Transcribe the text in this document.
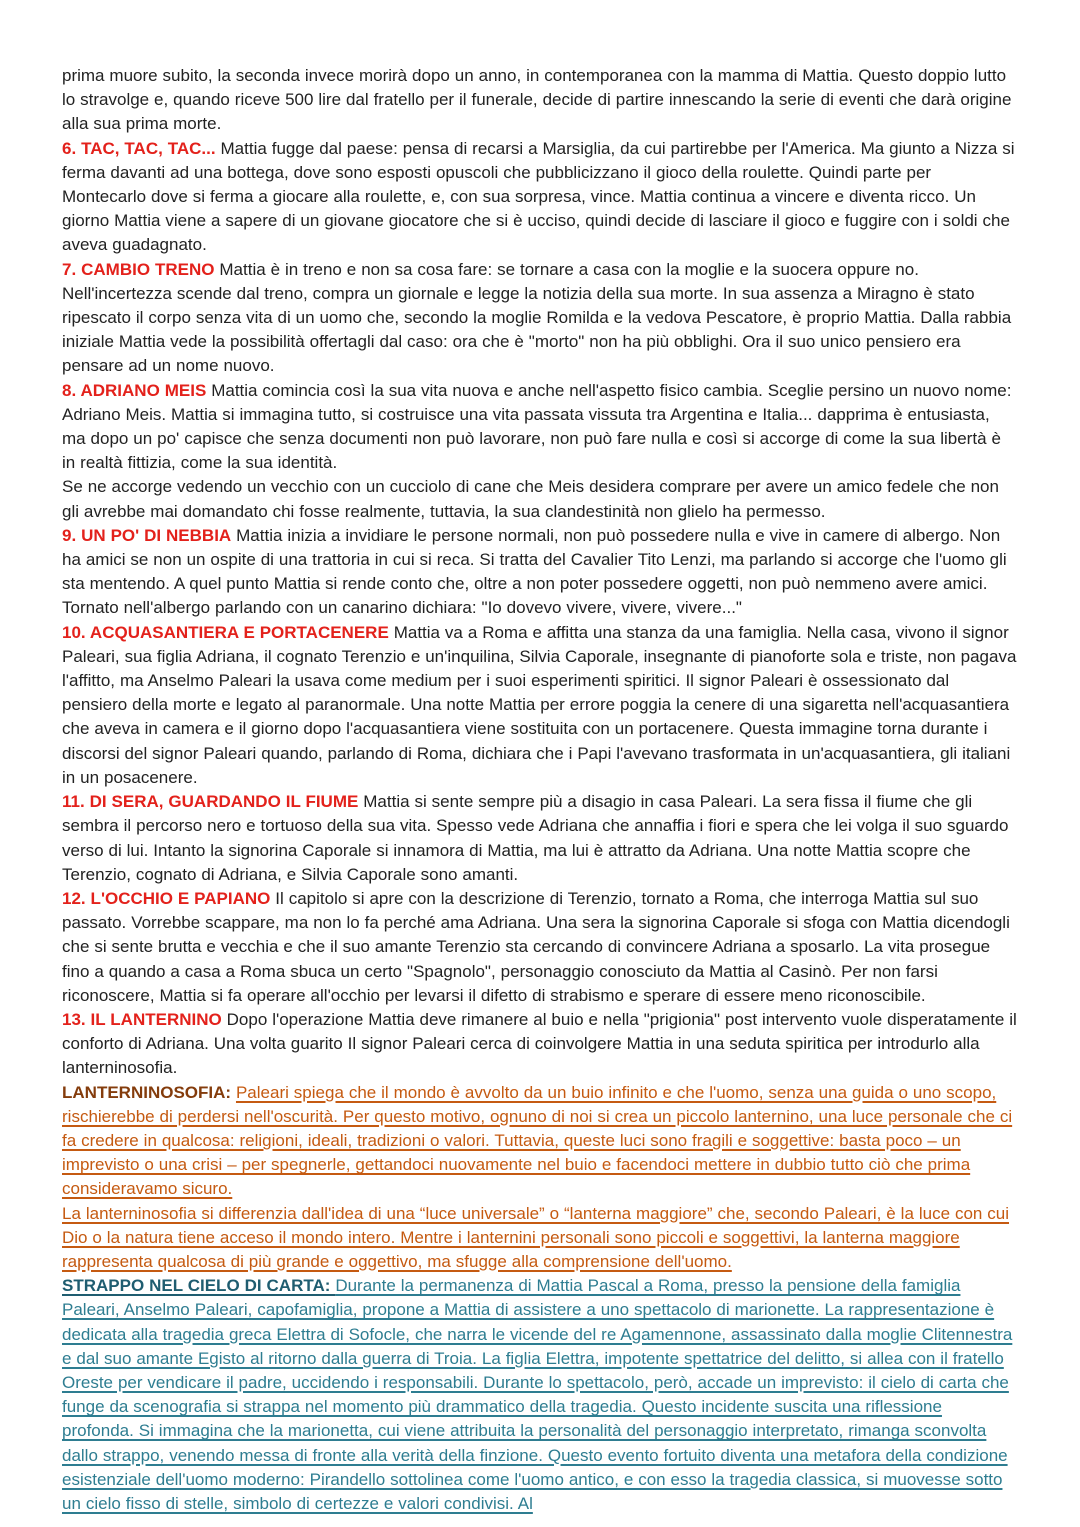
prima muore subito, la seconda invece morirà dopo un anno, in contemporanea con la mamma di Mattia. Questo doppio lutto lo stravolge e, quando riceve 500 lire dal fratello per il funerale, decide di partire innescando la serie di eventi che darà origine alla sua prima morte.

6. TAC, TAC, TAC... Mattia fugge dal paese: pensa di recarsi a Marsiglia, da cui partirebbe per l'America. Ma giunto a Nizza si ferma davanti ad una bottega, dove sono esposti opuscoli che pubblicizzano il gioco della roulette. Quindi parte per Montecarlo dove si ferma a giocare alla roulette, e, con sua sorpresa, vince. Mattia continua a vincere e diventa ricco. Un giorno Mattia viene a sapere di un giovane giocatore che si è ucciso, quindi decide di lasciare il gioco e fuggire con i soldi che aveva guadagnato.

7. CAMBIO TRENO Mattia è in treno e non sa cosa fare: se tornare a casa con la moglie e la suocera oppure no. Nell'incertezza scende dal treno, compra un giornale e legge la notizia della sua morte. In sua assenza a Miragno è stato ripescato il corpo senza vita di un uomo che, secondo la moglie Romilda e la vedova Pescatore, è proprio Mattia. Dalla rabbia iniziale Mattia vede la possibilità offertagli dal caso: ora che è "morto" non ha più obblighi. Ora il suo unico pensiero era pensare ad un nome nuovo.

8. ADRIANO MEIS Mattia comincia così la sua vita nuova e anche nell'aspetto fisico cambia. Sceglie persino un nuovo nome: Adriano Meis. Mattia si immagina tutto, si costruisce una vita passata vissuta tra Argentina e Italia... dapprima è entusiasta, ma dopo un po' capisce che senza documenti non può lavorare, non può fare nulla e così si accorge di come la sua libertà è in realtà fittizia, come la sua identità.

Se ne accorge vedendo un vecchio con un cucciolo di cane che Meis desidera comprare per avere un amico fedele che non gli avrebbe mai domandato chi fosse realmente, tuttavia, la sua clandestinità non glielo ha permesso.

9. UN PO' DI NEBBIA Mattia inizia a invidiare le persone normali, non può possedere nulla e vive in camere di albergo. Non ha amici se non un ospite di una trattoria in cui si reca. Si tratta del Cavalier Tito Lenzi, ma parlando si accorge che l'uomo gli sta mentendo. A quel punto Mattia si rende conto che, oltre a non poter possedere oggetti, non può nemmeno avere amici. Tornato nell'albergo parlando con un canarino dichiara: "Io dovevo vivere, vivere, vivere..."

10. ACQUASANTIERA E PORTACENERE Mattia va a Roma e affitta una stanza da una famiglia. Nella casa, vivono il signor Paleari, sua figlia Adriana, il cognato Terenzio e un'inquilina, Silvia Caporale, insegnante di pianoforte sola e triste, non pagava l'affitto, ma Anselmo Paleari la usava come medium per i suoi esperimenti spiritici. Il signor Paleari è ossessionato dal pensiero della morte e legato al paranormale. Una notte Mattia per errore poggia la cenere di una sigaretta nell'acquasantiera che aveva in camera e il giorno dopo l'acquasantiera viene sostituita con un portacenere. Questa immagine torna durante i discorsi del signor Paleari quando, parlando di Roma, dichiara che i Papi l'avevano trasformata in un'acquasantiera, gli italiani in un posacenere.

11. DI SERA, GUARDANDO IL FIUME Mattia si sente sempre più a disagio in casa Paleari. La sera fissa il fiume che gli sembra il percorso nero e tortuoso della sua vita. Spesso vede Adriana che annaffia i fiori e spera che lei volga il suo sguardo verso di lui. Intanto la signorina Caporale si innamora di Mattia, ma lui è attratto da Adriana. Una notte Mattia scopre che Terenzio, cognato di Adriana, e Silvia Caporale sono amanti.

12. L'OCCHIO E PAPIANO Il capitolo si apre con la descrizione di Terenzio, tornato a Roma, che interroga Mattia sul suo passato. Vorrebbe scappare, ma non lo fa perché ama Adriana. Una sera la signorina Caporale si sfoga con Mattia dicendogli che si sente brutta e vecchia e che il suo amante Terenzio sta cercando di convincere Adriana a sposarlo. La vita prosegue fino a quando a casa a Roma sbuca un certo "Spagnolo", personaggio conosciuto da Mattia al Casinò. Per non farsi riconoscere, Mattia si fa operare all'occhio per levarsi il difetto di strabismo e sperare di essere meno riconoscibile.

13. IL LANTERNINO Dopo l'operazione Mattia deve rimanere al buio e nella "prigionia" post intervento vuole disperatamente il conforto di Adriana. Una volta guarito Il signor Paleari cerca di coinvolgere Mattia in una seduta spiritica per introdurlo alla lanterninosofia.

LANTERNINOSOFIA: Paleari spiega che il mondo è avvolto da un buio infinito e che l'uomo, senza una guida o uno scopo, rischierebbe di perdersi nell'oscurità. Per questo motivo, ognuno di noi si crea un piccolo lanternino, una luce personale che ci fa credere in qualcosa: religioni, ideali, tradizioni o valori. Tuttavia, queste luci sono fragili e soggettive: basta poco – un imprevisto o una crisi – per spegnerle, gettandoci nuovamente nel buio e facendoci mettere in dubbio tutto ciò che prima consideravamo sicuro.

La lanterninosofia si differenzia dall'idea di una “luce universale” o “lanterna maggiore” che, secondo Paleari, è la luce con cui Dio o la natura tiene acceso il mondo intero. Mentre i lanternini personali sono piccoli e soggettivi, la lanterna maggiore rappresenta qualcosa di più grande e oggettivo, ma sfugge alla comprensione dell'uomo.

STRAPPO NEL CIELO DI CARTA: Durante la permanenza di Mattia Pascal a Roma, presso la pensione della famiglia Paleari, Anselmo Paleari, capofamiglia, propone a Mattia di assistere a uno spettacolo di marionette. La rappresentazione è dedicata alla tragedia greca Elettra di Sofocle, che narra le vicende del re Agamennone, assassinato dalla moglie Clitennestra e dal suo amante Egisto al ritorno dalla guerra di Troia. La figlia Elettra, impotente spettatrice del delitto, si allea con il fratello Oreste per vendicare il padre, uccidendo i responsabili. Durante lo spettacolo, però, accade un imprevisto: il cielo di carta che funge da scenografia si strappa nel momento più drammatico della tragedia. Questo incidente suscita una riflessione profonda. Si immagina che la marionetta, cui viene attribuita la personalità del personaggio interpretato, rimanga sconvolta dallo strappo, venendo messa di fronte alla verità della finzione. Questo evento fortuito diventa una metafora della condizione esistenziale dell'uomo moderno: Pirandello sottolinea come l'uomo antico, e con esso la tragedia classica, si muovesse sotto un cielo fisso di stelle, simbolo di certezze e valori condivisi. Al
